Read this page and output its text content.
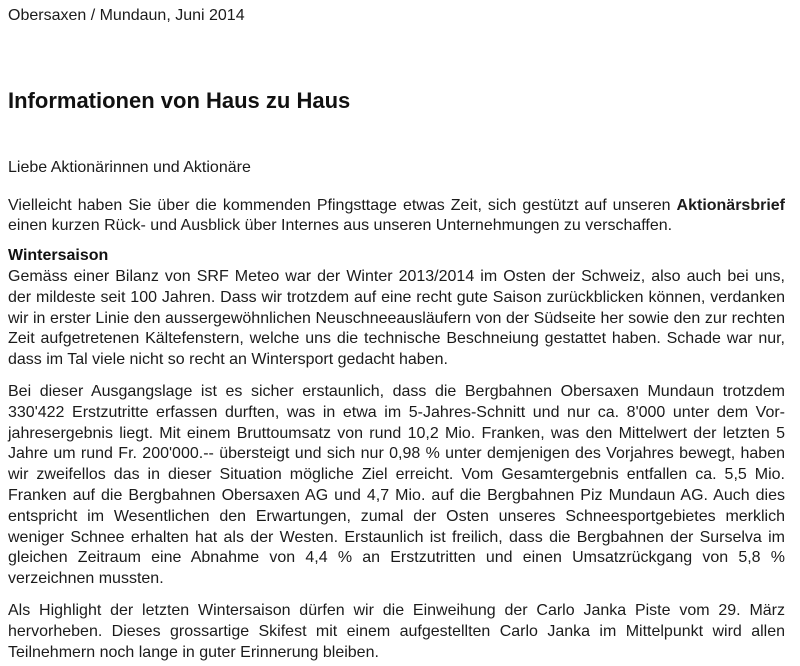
Obersaxen / Mundaun, Juni 2014

Informationen von Haus zu Haus

Liebe Aktionärinnen und Aktionäre

Vielleicht haben Sie über die kommenden Pfingsttage etwas Zeit, sich gestützt auf unseren Aktionärsbrief einen kurzen Rück- und Ausblick über Internes aus unseren Unternehmungen zu verschaffen.

Wintersaison

Gemäss einer Bilanz von SRF Meteo war der Winter 2013/2014 im Osten der Schweiz, also auch bei uns, der mildeste seit 100 Jahren. Dass wir trotzdem auf eine recht gute Saison zurückblicken können, verdanken wir in erster Linie den aussergewöhnlichen Neuschneeausläufern von der Südseite her sowie den zur rechten Zeit aufgetretenen Kältefenstern, welche uns die technische Beschneiung gestattet haben. Schade war nur, dass im Tal viele nicht so recht an Wintersport gedacht haben.

Bei dieser Ausgangslage ist es sicher erstaunlich, dass die Bergbahnen Obersaxen Mundaun trotzdem 330'422 Erstzutritte erfassen durften, was in etwa im 5-Jahres-Schnitt und nur ca. 8'000 unter dem Vorjahresergebnis liegt. Mit einem Bruttoumsatz von rund 10,2 Mio. Franken, was den Mittelwert der letzten 5 Jahre um rund Fr. 200'000.-- übersteigt und sich nur 0,98 % unter demjenigen des Vorjahres bewegt, haben wir zweifellos das in dieser Situation mögliche Ziel erreicht. Vom Gesamtergebnis entfallen ca. 5,5 Mio. Franken auf die Bergbahnen Obersaxen AG und 4,7 Mio. auf die Bergbahnen Piz Mundaun AG. Auch dies entspricht im Wesentlichen den Erwartungen, zumal der Osten unseres Schneesportgebietes merklich weniger Schnee erhalten hat als der Westen. Erstaunlich ist freilich, dass die Bergbahnen der Surselva im gleichen Zeitraum eine Abnahme von 4,4 % an Erstzutritten und einen Umsatzrückgang von 5,8 % verzeichnen mussten.

Als Highlight der letzten Wintersaison dürfen wir die Einweihung der Carlo Janka Piste vom 29. März hervorheben. Dieses grossartige Skifest mit einem aufgestellten Carlo Janka im Mittelpunkt wird allen Teilnehmern noch lange in guter Erinnerung bleiben.
